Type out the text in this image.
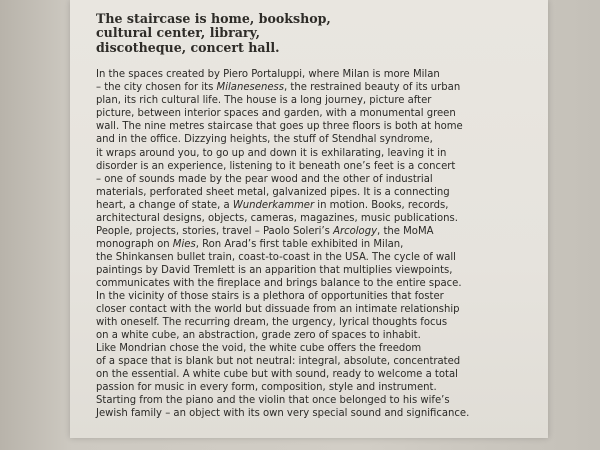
The staircase is home, bookshop,
cultural center, library,
discotheque, concert hall.
In the spaces created by Piero Portaluppi, where Milan is more Milan
– the city chosen for its Milaneseness, the restrained beauty of its urban
plan, its rich cultural life. The house is a long journey, picture after
picture, between interior spaces and garden, with a monumental green
wall. The nine metres staircase that goes up three floors is both at home
and in the office. Dizzying heights, the stuff of Stendhal syndrome,
it wraps around you, to go up and down it is exhilarating, leaving it in
disorder is an experience, listening to it beneath one’s feet is a concert
– one of sounds made by the pear wood and the other of industrial
materials, perforated sheet metal, galvanized pipes. It is a connecting
heart, a change of state, a Wunderkammer in motion. Books, records,
architectural designs, objects, cameras, magazines, music publications.
People, projects, stories, travel – Paolo Soleri’s Arcology, the MoMA
monograph on Mies, Ron Arad’s first table exhibited in Milan,
the Shinkansen bullet train, coast-to-coast in the USA. The cycle of wall
paintings by David Tremlett is an apparition that multiplies viewpoints,
communicates with the fireplace and brings balance to the entire space.
In the vicinity of those stairs is a plethora of opportunities that foster
closer contact with the world but dissuade from an intimate relationship
with oneself. The recurring dream, the urgency, lyrical thoughts focus
on a white cube, an abstraction, grade zero of spaces to inhabit.
Like Mondrian chose the void, the white cube offers the freedom
of a space that is blank but not neutral: integral, absolute, concentrated
on the essential. A white cube but with sound, ready to welcome a total
passion for music in every form, composition, style and instrument.
Starting from the piano and the violin that once belonged to his wife’s
Jewish family – an object with its own very special sound and significance.
